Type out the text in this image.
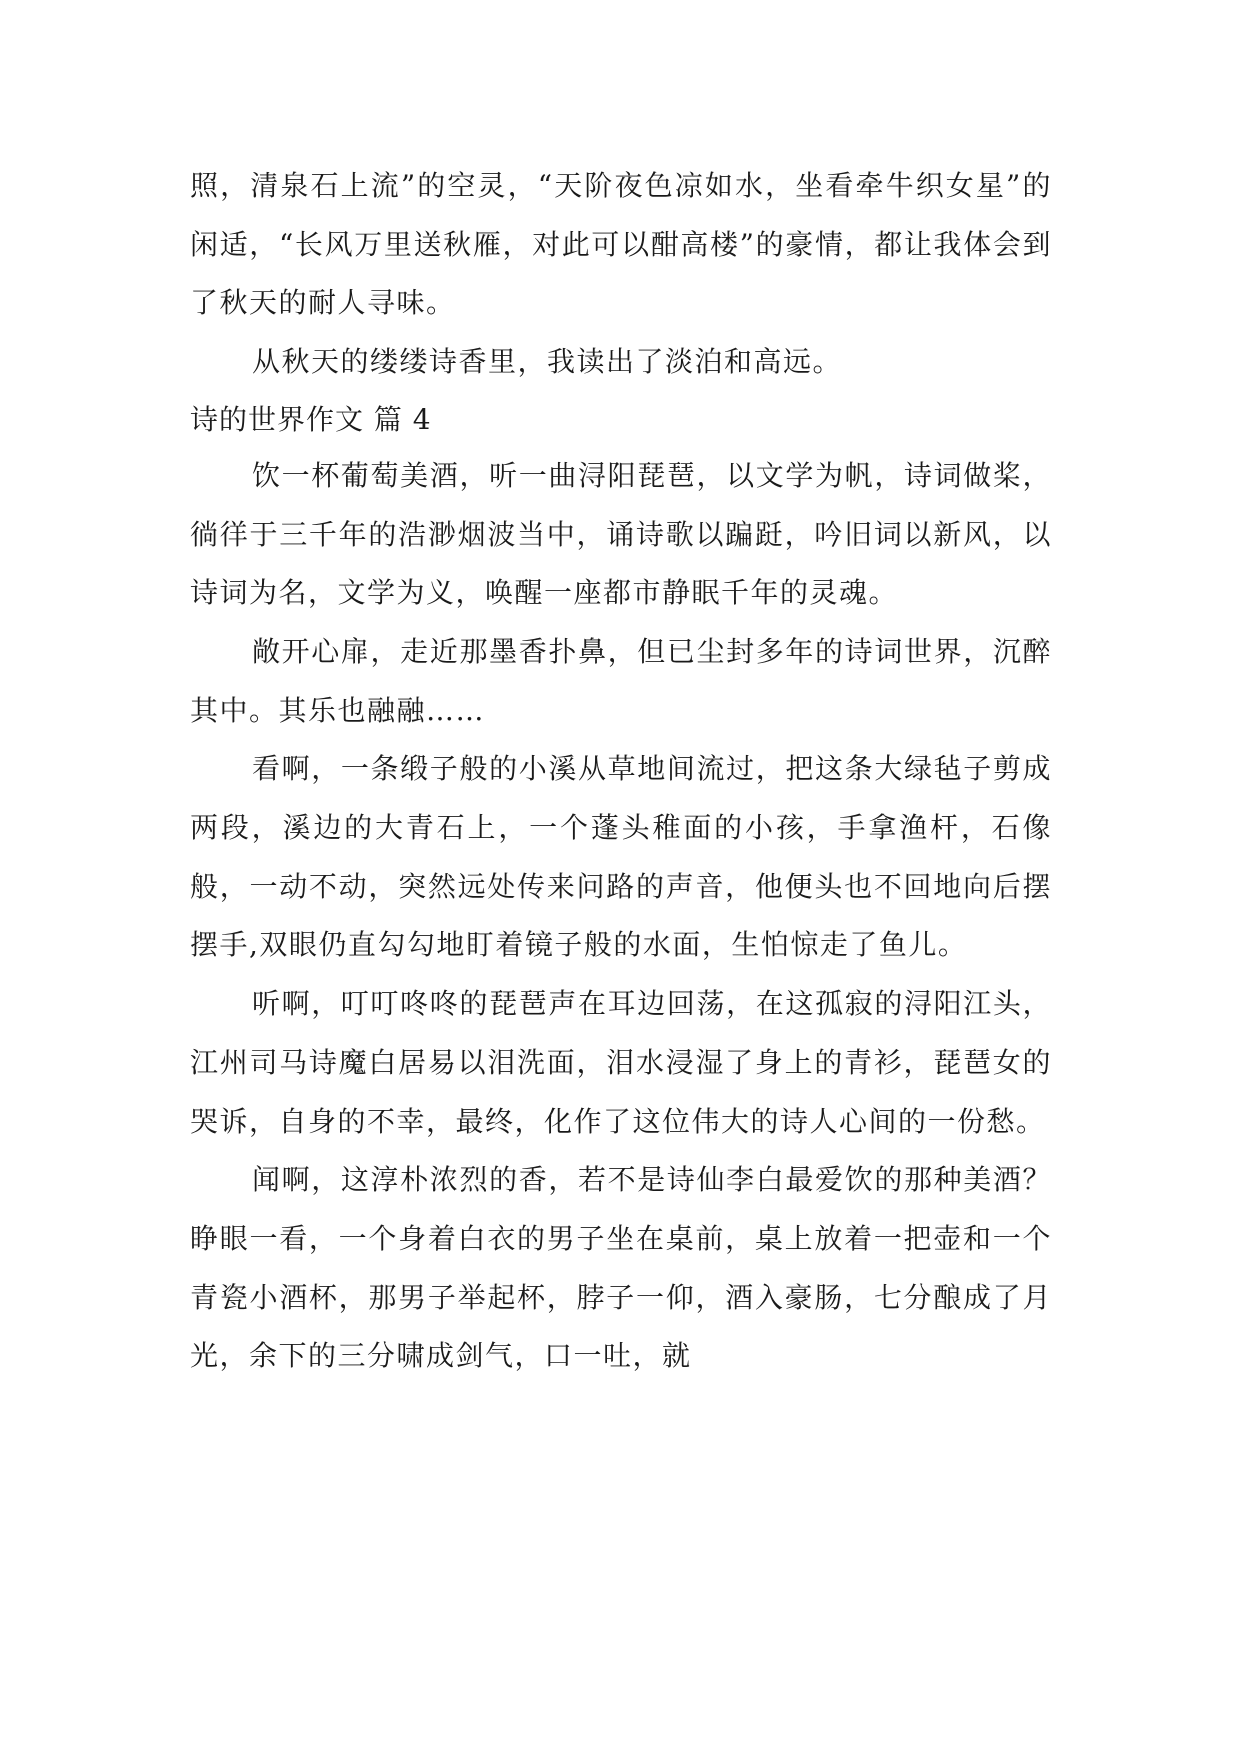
照，清泉石上流”的空灵，“天阶夜色凉如水，坐看牵牛织女星”的闲适，“长风万里送秋雁，对此可以酣高楼”的豪情，都让我体会到了秋天的耐人寻味。

从秋天的缕缕诗香里，我读出了淡泊和高远。

诗的世界作文 篇 4

饮一杯葡萄美酒，听一曲浔阳琵琶，以文学为帆，诗词做桨，徜徉于三千年的浩渺烟波当中，诵诗歌以蹁跹，吟旧词以新风，以诗词为名，文学为义，唤醒一座都市静眠千年的灵魂。

敞开心扉，走近那墨香扑鼻，但已尘封多年的诗词世界，沉醉其中。其乐也融融……

看啊，一条缎子般的小溪从草地间流过，把这条大绿毡子剪成两段，溪边的大青石上，一个蓬头稚面的小孩，手拿渔杆，石像般，一动不动，突然远处传来问路的声音，他便头也不回地向后摆摆手,双眼仍直勾勾地盯着镜子般的水面，生怕惊走了鱼儿。

听啊，叮叮咚咚的琵琶声在耳边回荡，在这孤寂的浔阳江头，江州司马诗魔白居易以泪洗面，泪水浸湿了身上的青衫，琵琶女的哭诉，自身的不幸，最终，化作了这位伟大的诗人心间的一份愁。

闻啊，这淳朴浓烈的香，若不是诗仙李白最爱饮的那种美酒？睁眼一看，一个身着白衣的男子坐在桌前，桌上放着一把壶和一个青瓷小酒杯，那男子举起杯，脖子一仰，酒入豪肠，七分酿成了月光，余下的三分啸成剑气，口一吐，就
